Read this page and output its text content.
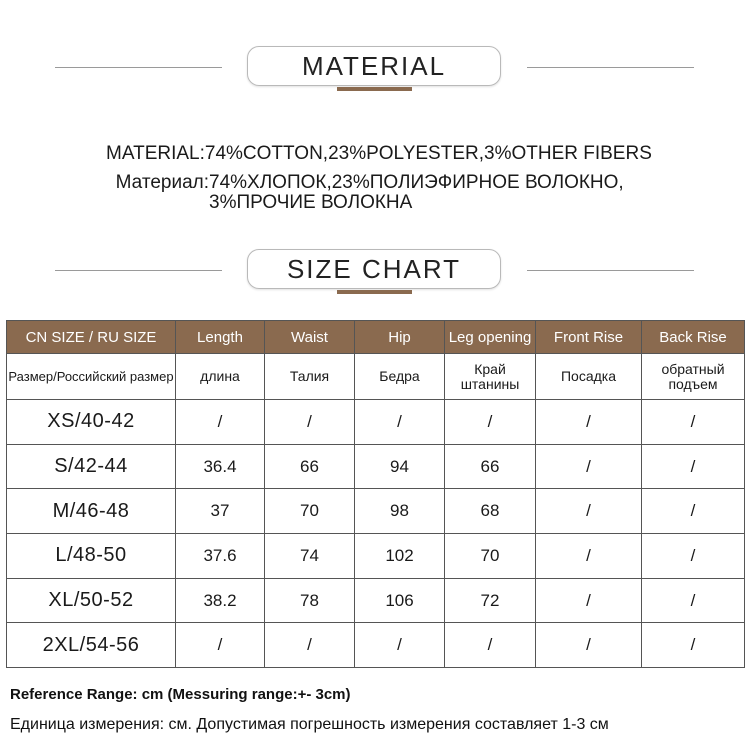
MATERIAL
MATERIAL:74%COTTON,23%POLYESTER,3%OTHER FIBERS
Материал:74%ХЛОПОК,23%ПОЛИЭФИРНОЕ ВОЛОКНО,
3%ПРОЧИЕ ВОЛОКНА
SIZE CHART
CN SIZE / RU SIZE	Length	Waist	Hip	Leg opening	Front Rise	Back Rise
Размер/Российский размер	длина	Талия	Бедра	Край штанины	Посадка	обратный подъем
XS/40-42	/	/	/	/	/	/
S/42-44	36.4	66	94	66	/	/
M/46-48	37	70	98	68	/	/
L/48-50	37.6	74	102	70	/	/
XL/50-52	38.2	78	106	72	/	/
2XL/54-56	/	/	/	/	/	/
Reference Range: cm (Messuring range:+- 3cm)
Единица измерения: см. Допустимая погрешность измерения составляет 1-3 см
